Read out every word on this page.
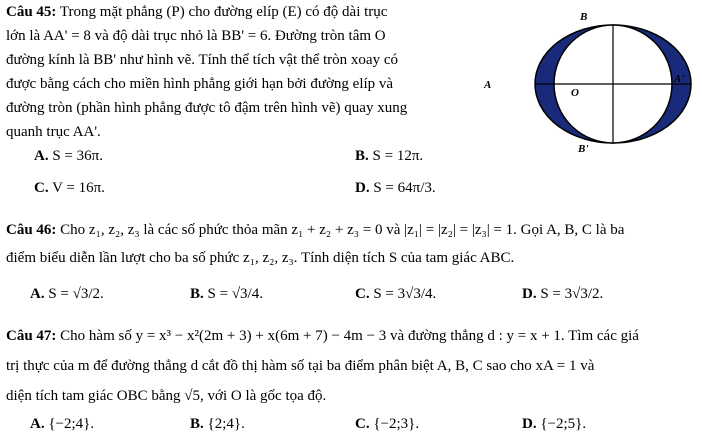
Câu 45: Trong mặt phẳng (P) cho đường elíp (E) có độ dài trục
lớn là AA' = 8 và độ dài trục nhỏ là BB' = 6. Đường tròn tâm O
đường kính là BB' như hình vẽ. Tính thể tích vật thể tròn xoay có
được bằng cách cho miền hình phẳng giới hạn bởi đường elíp và
đường tròn (phần hình phẳng được tô đậm trên hình vẽ) quay xung
quanh trục AA'.
A. S = 36π.	B. S = 12π.
C. V = 16π.	D. S = 64π/3.
B
B'
A	A'
O
Câu 46: Cho z₁, z₂, z₃ là các số phức thỏa mãn z₁ + z₂ + z₃ = 0 và |z₁| = |z₂| = |z₃| = 1. Gọi A, B, C là ba
điểm biểu diễn lần lượt cho ba số phức z₁, z₂, z₃. Tính diện tích S của tam giác ABC.
A. S = √3/2.	B. S = √3/4.	C. S = 3√3/4.	D. S = 3√3/2.
Câu 47: Cho hàm số y = x³ − x²(2m + 3) + x(6m + 7) − 4m − 3 và đường thẳng d : y = x + 1. Tìm các giá
trị thực của m để đường thẳng d cắt đồ thị hàm số tại ba điểm phân biệt A, B, C sao cho xA = 1 và
diện tích tam giác OBC bằng √5, với O là gốc tọa độ.
A. {−2;4}.	B. {2;4}.	C. {−2;3}.	D. {−2;5}.
